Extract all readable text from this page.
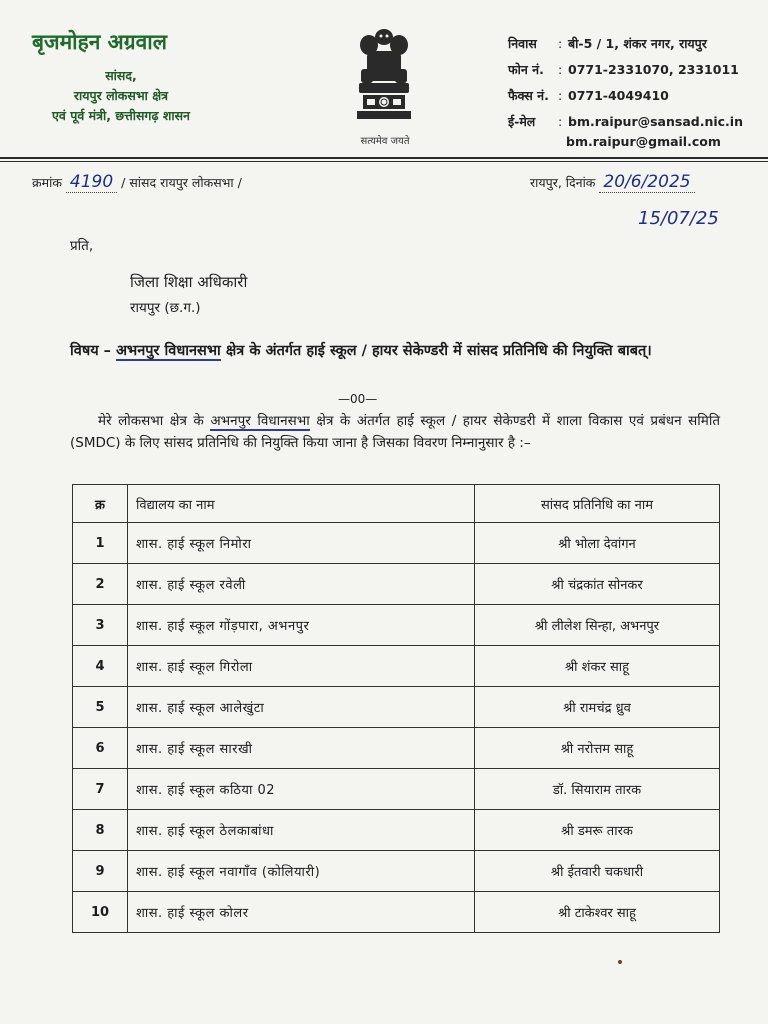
बृजमोहन अग्रवाल
सांसद,
रायपुर लोकसभा क्षेत्र
एवं पूर्व मंत्री, छत्तीसगढ़ शासन
सत्यमेव जयते
निवास	: बी-5 / 1, शंकर नगर, रायपुर
फोन नं.	: 0771-2331070, 2331011
फैक्स नं. : 0771-4049410
ई-मेल	: bm.raipur@sansad.nic.in
bm.raipur@gmail.com
क्रमांक 4190 / सांसद रायपुर लोकसभा /	रायपुर, दिनांक 20/6/2025
15/07/25
प्रति,
जिला शिक्षा अधिकारी
रायपुर (छ.ग.)
विषय – अभनपुर विधानसभा क्षेत्र के अंतर्गत हाई स्कूल / हायर सेकेण्डरी में सांसद प्रतिनिधि की नियुक्ति बाबत्।
—00—
मेरे लोकसभा क्षेत्र के अभनपुर विधानसभा क्षेत्र के अंतर्गत हाई स्कूल / हायर सेकेण्डरी में शाला विकास एवं प्रबंधन समिति (SMDC) के लिए सांसद प्रतिनिधि की नियुक्ति किया जाना है जिसका विवरण निम्नानुसार है :–
क्र	विद्यालय का नाम	सांसद प्रतिनिधि का नाम
1	शास. हाई स्कूल निमोरा	श्री भोला देवांगन
2	शास. हाई स्कूल रवेली	श्री चंद्रकांत सोनकर
3	शास. हाई स्कूल गोंड़पारा, अभनपुर	श्री लीलेश सिन्हा, अभनपुर
4	शास. हाई स्कूल गिरोला	श्री शंकर साहू
5	शास. हाई स्कूल आलेखुंटा	श्री रामचंद्र ध्रुव
6	शास. हाई स्कूल सारखी	श्री नरोत्तम साहू
7	शास. हाई स्कूल कठिया 02	डॉ. सियाराम तारक
8	शास. हाई स्कूल ठेलकाबांधा	श्री डमरू तारक
9	शास. हाई स्कूल नवागाँव (कोलियारी)	श्री ईतवारी चकधारी
10	शास. हाई स्कूल कोलर	श्री टाकेश्वर साहू
